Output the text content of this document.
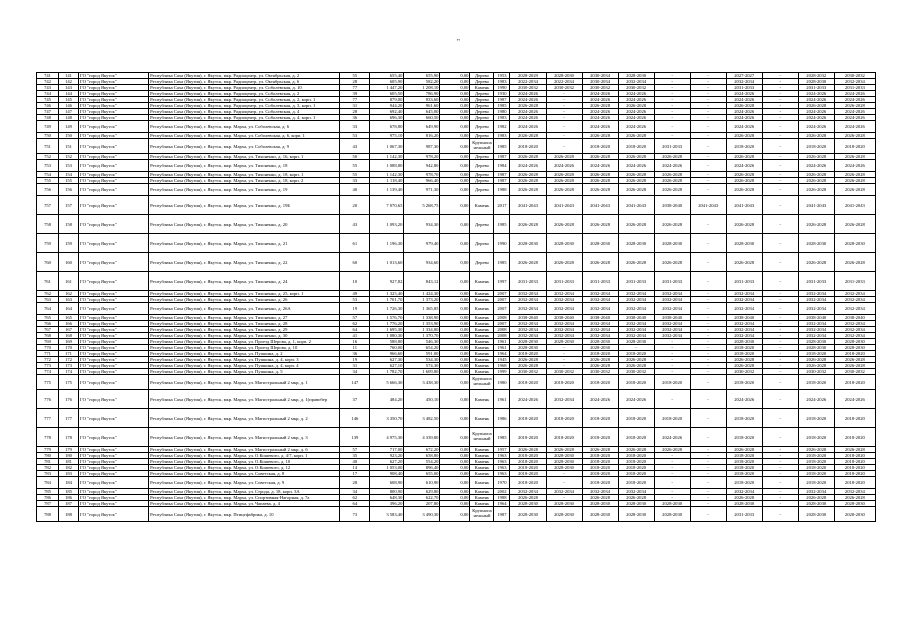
"
741	141	ГО "город Якутск"	Республика Саха (Якутия), г. Якутск, мкр. Радиоцентр, ул. Октябрьская, д. 2	55	655,40	655,90	0,00	Деревo	1953	2028-2029	2028-2030	2030-2034	2028-2030	-	-	2027-2027	-	2028-2032	2030-2032
742	142	ГО "город Якутск"	Республика Саха (Якутия), г. Якутск, мкр. Радиоцентр, ул. Октябрьская, д. 6	28	605,90	582,20	0,00	Деревo	1983	2022-2034	2022-2034	2030-2034	2032-2034	-	-	2032-2034	-	2028-2030	2032-2034
743	143	ГО "город Якутск"	Республика Саха (Якутия), г. Якутск, мкр. Радиоцентр, ул. Соболевская, д. 10	77	1 447,20	1 208,10	0,00	Камень	1990	2030-2032	2030-2032	2030-2032	2030-2032	-	-	2031-2033	-	2031-2033	2031-2033
744	144	ГО "город Якутск"	Республика Саха (Якутия), г. Якутск, мкр. Радиоцентр, ул. Соболевская, д. 2	39	605,50	786,90	0,00	Деревo	1930	2024-2026	-	2024-2026	2024-2026	-	-	2024-2026	-	2024-2026	2024-2026
745	145	ГО "город Якутск"	Республика Саха (Якутия), г. Якутск, мкр. Радиоцентр, ул. Соболевская, д. 2, корп. 1	77	879,00	833,60	0,00	Деревo	1987	2024-2026	-	2024-2026	2024-2026	-	-	2024-2026	-	2024-2026	2024-2026
746	146	ГО "город Якутск"	Республика Саха (Якутия), г. Якутск, мкр. Радиоцентр, ул. Соболевская, д. 3, корп. 1	31	944,20	961,60	0,00	Деревo	1985	2026-2028	-	2026-2028	2026-2028	-	-	2026-2028	-	2026-2028	2026-2028
747	147	ГО "город Якутск"	Республика Саха (Якутия), г. Якутск, мкр. Радиоцентр, ул. Соболевская, д. 4	28	692,40	645,00	0,00	Деревo	1980	2024-2026	-	2024-2026	2024-2026	-	-	2024-2026	-	2024-2026	2024-2026
748	148	ГО "город Якутск"	Республика Саха (Якутия), г. Якутск, мкр. Радиоцентр, ул. Соболевская, д. 4, корп. 1	36	696,30	660,50	0,00	Деревo	1983	2024-2026	-	2024-2026	2024-2026	-	-	2024-2026	-	2024-2026	2024-2026
749	149	ГО "город Якутск"	Республика Саха (Якутия), г. Якутск, мкр. Марха, ул. Соболевская, д. 6	33	678,80	649,90	0,00	Деревo	1982	2024-2026	-	2024-2026	2024-2026	-	-	2024-2026	-	2024-2026	2024-2026
750	150	ГО "город Якутск"	Республика Саха (Якутия), г. Якутск, мкр. Марха, ул. Соболевская, д. 6, корп. 1	53	975,10	816,20	0,00	Деревo	1983	2026-2028	-	2026-2028	2026-2028	-	-	2026-2028	-	2026-2028	2026-2028
751	151	ГО "город Якутск"	Республика Саха (Якутия), г. Якутск, мкр. Марха, ул. Соболевская, д. 9	43	1 067,30	987,30	0,00	Крупнопа нельный	1985	2018-2020	-	2018-2020	2018-2020	2031-2033	-	2018-2020	-	2018-2020	2018-2020
752	152	ГО "город Якутск"	Республика Саха (Якутия), г. Якутск, мкр. Марха, ул. Тихоненко, д. 16, корп. 1	50	1 142,30	978,20	0,00	Деревo	1987	2026-2028	2026-2028	2026-2028	2026-2028	2026-2028	-	2026-2028	-	2026-2028	2026-2028
753	153	ГО "город Якутск"	Республика Саха (Якутия), г. Якутск, мкр. Марха, ул. Тихоненко, д. 18	55	1 088,80	942,80	0,00	Деревo	1984	2024-2026	2024-2026	2024-2026	2024-2026	2024-2026	-	2024-2026	-	2024-2026	2024-2026
754	154	ГО "город Якутск"	Республика Саха (Якутия), г. Якутск, мкр. Марха, ул. Тихоненко, д. 18, корп. 1	55	1 142,30	978,70	0,00	Деревo	1987	2026-2028	2026-2028	2026-2028	2026-2028	2026-2028	-	2026-2028	-	2026-2028	2026-2028
755	155	ГО "город Якутск"	Республика Саха (Якутия), г. Якутск, мкр. Марха, ул. Тихоненко, д. 18, корп. 2	33	1 118,40	966,40	0,00	Деревo	1987	2026-2028	2026-2028	2026-2028	2026-2028	2026-2028	-	2026-2028	-	2026-2028	2026-2028
756	156	ГО "город Якутск"	Республика Саха (Якутия), г. Якутск, мкр. Марха, ул. Тихоненко, д. 19	40	1 139,40	971,30	0,00	Деревo	1988	2026-2028	2026-2028	2026-2028	2026-2028	2026-2028	-	2026-2028	-	2026-2028	2026-2028
757	157	ГО "город Якутск"	Республика Саха (Якутия), г. Якутск, мкр. Марха, ул. Тихоненко, д. 19Б	20	7 070,65	5 268,75	0,00	Камень	2017	2041-2043	2041-2043	2041-2043	2041-2043	2038-2040	2041-2043	2041-2043	-	2041-2043	2041-2043
758	158	ГО "город Якутск"	Республика Саха (Якутия), г. Якутск, мкр. Марха, ул. Тихоненко, д. 20	43	1 093,20	934,30	0,00	Деревo	1985	2026-2028	2026-2028	2026-2028	2026-2028	2026-2028	-	2026-2028	-	2026-2028	2026-2028
759	159	ГО "город Якутск"	Республика Саха (Якутия), г. Якутск, мкр. Марха, ул. Тихоненко, д. 21	61	1 196,30	979,40	0,00	Деревo	1990	2028-2030	2028-2030	2028-2030	2028-2030	2028-2030	-	2028-2030	-	2028-2030	2028-2030
760	160	ГО "город Якутск"	Республика Саха (Якутия), г. Якутск, мкр. Марха, ул. Тихоненко, д. 22	60	1 013,60	934,60	0,00	Деревo	1985	2026-2028	2026-2028	2026-2028	2026-2028	2026-2028	-	2026-2028	-	2026-2028	2026-2028
761	161	ГО "город Якутск"	Республика Саха (Якутия), г. Якутск, мкр. Марха, ул. Тихоненко, д. 24	10	927,82	843,12	0,00	Камень	1997	2031-2033	2031-2033	2031-2033	2031-2033	2031-2033	-	2031-2033	-	2031-2033	2031-2033
762	162	ГО "город Якутск"	Республика Саха (Якутия), г. Якутск, мкр. Марха, ул. Тихоненко, д. 25, корп. 1	49	1 325,40	1 424,30	0,00	Камень	2007	2032-2034	2032-2034	2032-2034	2032-2034	2032-2034	-	2032-2034	-	2032-2034	2032-2034
763	163	ГО "город Якутск"	Республика Саха (Якутия), г. Якутск, мкр. Марха, ул. Тихоненко, д. 26	53	1 701,70	1 373,20	0,00	Камень	2007	2032-2034	2032-2034	2032-2034	2032-2034	2032-2034	-	2032-2034	-	2032-2034	2032-2034
764	164	ГО "город Якутск"	Республика Саха (Якутия), г. Якутск, мкр. Марха, ул. Тихоненко, д. 26А	19	1 726,30	1 365,85	0,00	Камень	2007	2032-2034	2032-2034	2032-2034	2032-2034	2032-2034	-	2032-2034	-	2032-2034	2032-2034
765	165	ГО "город Якутск"	Республика Саха (Якутия), г. Якутск, мкр. Марха, ул. Тихоненко, д. 27	57	1 576,70	1 338,90	0,00	Камень	2008	2038-2040	2038-2040	2038-2040	2038-2040	2038-2040	-	2038-2040	-	2038-2040	2038-2040
766	166	ГО "город Якутск"	Республика Саха (Якутия), г. Якутск, мкр. Марха, ул. Тихоненко, д. 28	62	1 776,20	1 353,90	0,00	Камень	2007	2032-2034	2032-2034	2032-2034	2032-2034	2032-2034	-	2032-2034	-	2032-2034	2032-2034
767	167	ГО "город Якутск"	Республика Саха (Якутия), г. Якутск, мкр. Марха, ул. Тихоненко, д. 29	64	1 695,30	1 334,80	0,00	Камень	2008	2032-2034	2032-2034	2032-2034	2032-2034	2032-2034	-	2032-2034	-	2032-2034	2032-2034
768	168	ГО "город Якутск"	Республика Саха (Якутия), г. Якутск, мкр. Марха, ул. Тихоненко, д. 30	41	1 080,30	1 370,70	0,00	Камень	2008	2032-2034	2032-2034	2032-2034	2032-2034	2032-2034	-	2032-2034	-	2032-2034	2032-2034
769	169	ГО "город Якутск"	Республика Саха (Якутия), г. Якутск, мкр. Марха, ул. Проезд Шерова, д. 1, корп. 2	16	588,80	546,30	0,00	Камень	1961	2028-2030	2028-2030	2028-2030	2028-2030	-	-	2028-2030	-	2028-2030	2028-2030
770	170	ГО "город Якутск"	Республика Саха (Якутия), г. Якутск, мкр. Марха, ул. Проезд Шерова, д. 10	11	760,00	654,20	0,00	Камень	1961	2028-2030	-	2028-2030	-	-	-	2018-2020	-	2028-2030	2028-2030
771	171	ГО "город Якутск"	Республика Саха (Якутия), г. Якутск, мкр. Марха, ул. Пушкина, д. 2	36	966,60	591,00	0,00	Камень	1964	2018-2020	-	2018-2020	2018-2020	-	-	2018-2020	-	2018-2020	2018-2020
772	172	ГО "город Якутск"	Республика Саха (Якутия), г. Якутск, мкр. Марха, ул. Пушкина, д. 4, корп. 3	19	627,30	534,30	0,00	Камень	1945	2026-2028	-	2026-2028	2026-2028	-	-	2026-2028	-	2026-2028	2026-2028
773	173	ГО "город Якутск"	Республика Саха (Якутия), г. Якутск, мкр. Марха, ул. Пушкина, д. 4, корп. 4	31	627,10	574,30	0,00	Камень	1968	2026-2028	-	2026-2028	2026-2028	-	-	2026-2028	-	2026-2028	2026-2028
774	174	ГО "город Якутск"	Республика Саха (Якутия), г. Якутск, мкр. Марха, ул. Пушкина, д. 5	34	1 782,70	1 609,80	0,00	Камень	1999	2030-2032	2030-2032	2030-2032	2030-2032	-	-	2030-2032	-	2030-2032	2030-2032
775	175	ГО "город Якутск"	Республика Саха (Якутия), г. Якутск, мкр. Марха, ул. Магистральный 2 мкр, д. 1	147	5 666,30	3 438,30	0,00	Крупнопа нельный	1980	2018-2020	2018-2020	2018-2020	2018-2020	2018-2020	-	2018-2020	-	2018-2020	2018-2020
776	176	ГО "город Якутск"	Республика Саха (Якутия), г. Якутск, мкр. Марха, ул. Магистральный 2 мкр, д. 1(правобер	37	484,20	450,10	0,00	Камень	1961	2024-2026	2032-2034	2024-2026	2024-2026	-	-	2024-2026	-	2024-2026	2024-2026
777	177	ГО "город Якутск"	Республика Саха (Якутия), г. Якутск, мкр. Марха, ул. Магистральный 2 мкр, д. 2	146	3 350,70	3 482,50	0,00	Камень	1986	2018-2020	2018-2020	2018-2020	2018-2020	2018-2020	-	2018-2020	-	2018-2020	2018-2020
778	178	ГО "город Якутск"	Республика Саха (Якутия), г. Якутск, мкр. Марха, ул. Магистральный 2 мкр, д. 3	139	4 975,30	4 339,80	0,00	Крупнопа нельный	1985	2018-2020	2018-2020	2018-2020	2018-2020	2024-2026	-	2018-2020	-	2018-2020	2018-2020
779	179	ГО "город Якутск"	Республика Саха (Якутия), г. Якутск, мкр. Марха, ул. Магистральный 2 мкр, д. 6	57	717,00	672,20	0,00	Камень	1957	2026-2028	2026-2028	2026-2028	2026-2028	2026-2028	-	2026-2028	-	2026-2028	2026-2028
780	180	ГО "город Якутск"	Республика Саха (Якутия), г. Якутск, мкр. Марха, ул. О.Кошевого, д. 4/7, корп. 1	35	923,20	658,80	0,00	Камень	1963	2018-2020	2028-2030	2018-2020	2018-2020	-	-	2018-2020	-	2018-2020	2018-2020
781	181	ГО "город Якутск"	Республика Саха (Якутия), г. Якутск, мкр. Марха, ул. О.Кошевого, д. 10	40	627,20	554,20	0,00	Камень	1963	2018-2020	2028-2030	2018-2020	2018-2020	-	-	2018-2020	-	2018-2020	2018-2020
782	182	ГО "город Якутск"	Республика Саха (Якутия), г. Якутск, мкр. Марха, ул. О.Кошевого, д. 12	14	1 053,00	896,40	0,00	Камень	1963	2018-2020	2028-2030	2018-2020	2018-2020	-	-	2018-2020	-	2018-2020	2018-2020
783	183	ГО "город Якутск"	Республика Саха (Якутия), г. Якутск, мкр. Марха, ул. Советская, д. 8	17	908,40	655,00	0,00	Камень	1963	2018-2020	-	2018-2020	2018-2020	-	-	2018-2020	-	2018-2020	2018-2020
784	184	ГО "город Якутск"	Республика Саха (Якутия), г. Якутск, мкр. Марха, ул. Советская, д. 9	28	608,90	610,90	0,00	Камень	1970	2018-2020	-	2018-2020	2018-2020	-	-	2018-2020	-	2018-2020	2018-2020
785	185	ГО "город Якутск"	Республика Саха (Якутия), г. Якутск, мкр. Марха, ул. Строда, д. 18, корп. 3А	34	800,90	629,80	0,00	Камень	2002	2032-2034	2032-2034	2032-2034	2032-2034	-	-	2032-2034	-	2032-2034	2032-2034
786	186	ГО "город Якутск"	Республика Саха (Якутия), г. Якутск, мкр. Марха, ул. Спортивная-Нагорная, д. 7а	62	648,30	622,70	0,00	Камень	1988	2026-2028	-	2026-2028	2026-2028	-	-	2026-2028	-	2026-2028	2026-2028
787	187	ГО "город Якутск"	Республика Саха (Якутия), г. Якутск, мкр. Марха, ул. Чапаева, д. 4	64	396,20	207,80	0,00	Камень	1964	2028-2030	2028-2030	2028-2030	2028-2030	2028-2030	-	2028-2030	-	2028-2030	2028-2030
788	188	ГО "город Якутск"	Республика Саха (Якутия), г. Якутск, мкр. Птицефабрика, д. 10	73	3 583,40	3 490,30	0,00	Крупнопа нельный	1987	2028-2030	2028-2030	2028-2030	2028-2030	2028-2030	-	2031-2033	-	2028-2030	2028-2030
